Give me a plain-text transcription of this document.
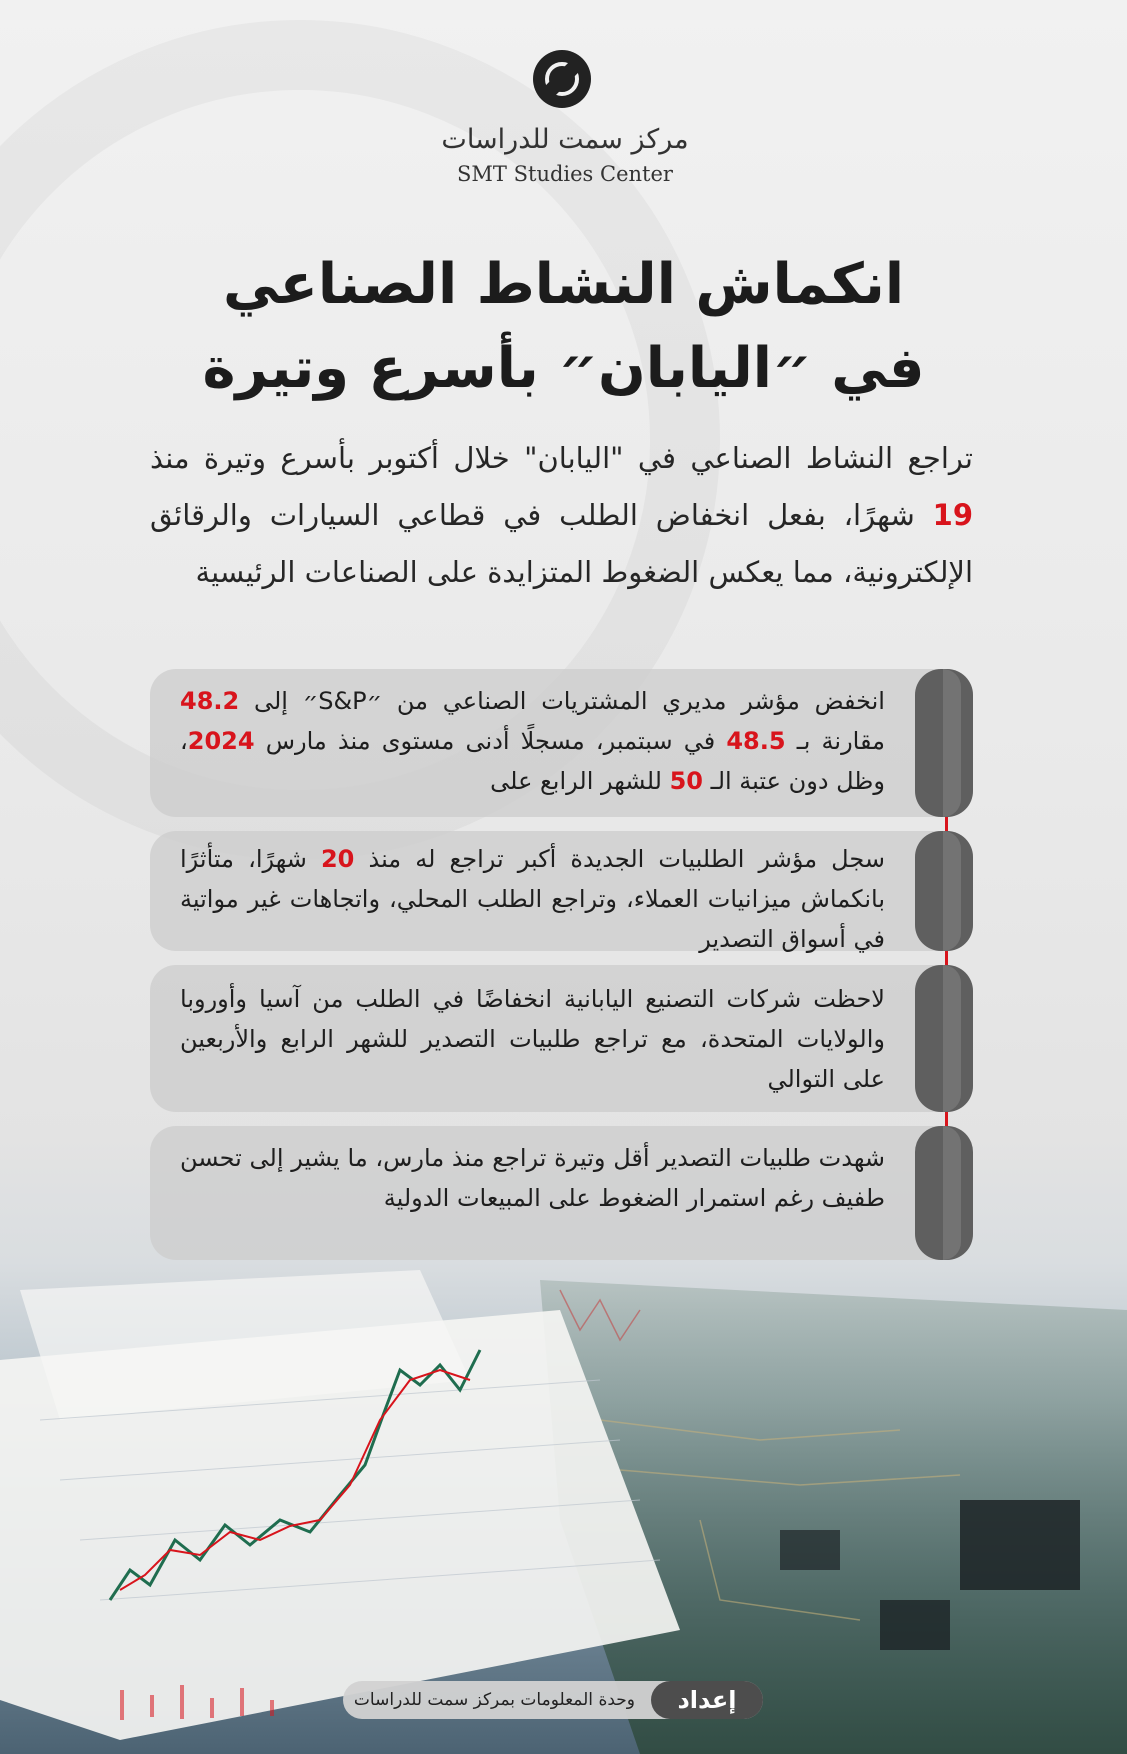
مركز سمت للدراسات
SMT Studies Center
انكماش النشاط الصناعي
في ״اليابان״ بأسرع وتيرة

تراجع النشاط الصناعي في "اليابان" خلال أكتوبر بأسرع وتيرة منذ 19 شهرًا، بفعل انخفاض الطلب في قطاعي السيارات والرقائق الإلكترونية، مما يعكس الضغوط المتزايدة على الصناعات الرئيسية

انخفض مؤشر مديري المشتريات الصناعي من ״S&P״ إلى 48.2 مقارنة بـ 48.5 في سبتمبر، مسجلًا أدنى مستوى منذ مارس 2024، وظل دون عتبة الـ 50 للشهر الرابع على

سجل مؤشر الطلبيات الجديدة أكبر تراجع له منذ 20 شهرًا، متأثرًا بانكماش ميزانيات العملاء، وتراجع الطلب المحلي، واتجاهات غير مواتية في أسواق التصدير

لاحظت شركات التصنيع اليابانية انخفاضًا في الطلب من آسيا وأوروبا والولايات المتحدة، مع تراجع طلبيات التصدير للشهر الرابع والأربعين على التوالي

شهدت طلبيات التصدير أقل وتيرة تراجع منذ مارس، ما يشير إلى تحسن طفيف رغم استمرار الضغوط على المبيعات الدولية

إعداد
وحدة المعلومات بمركز سمت للدراسات
